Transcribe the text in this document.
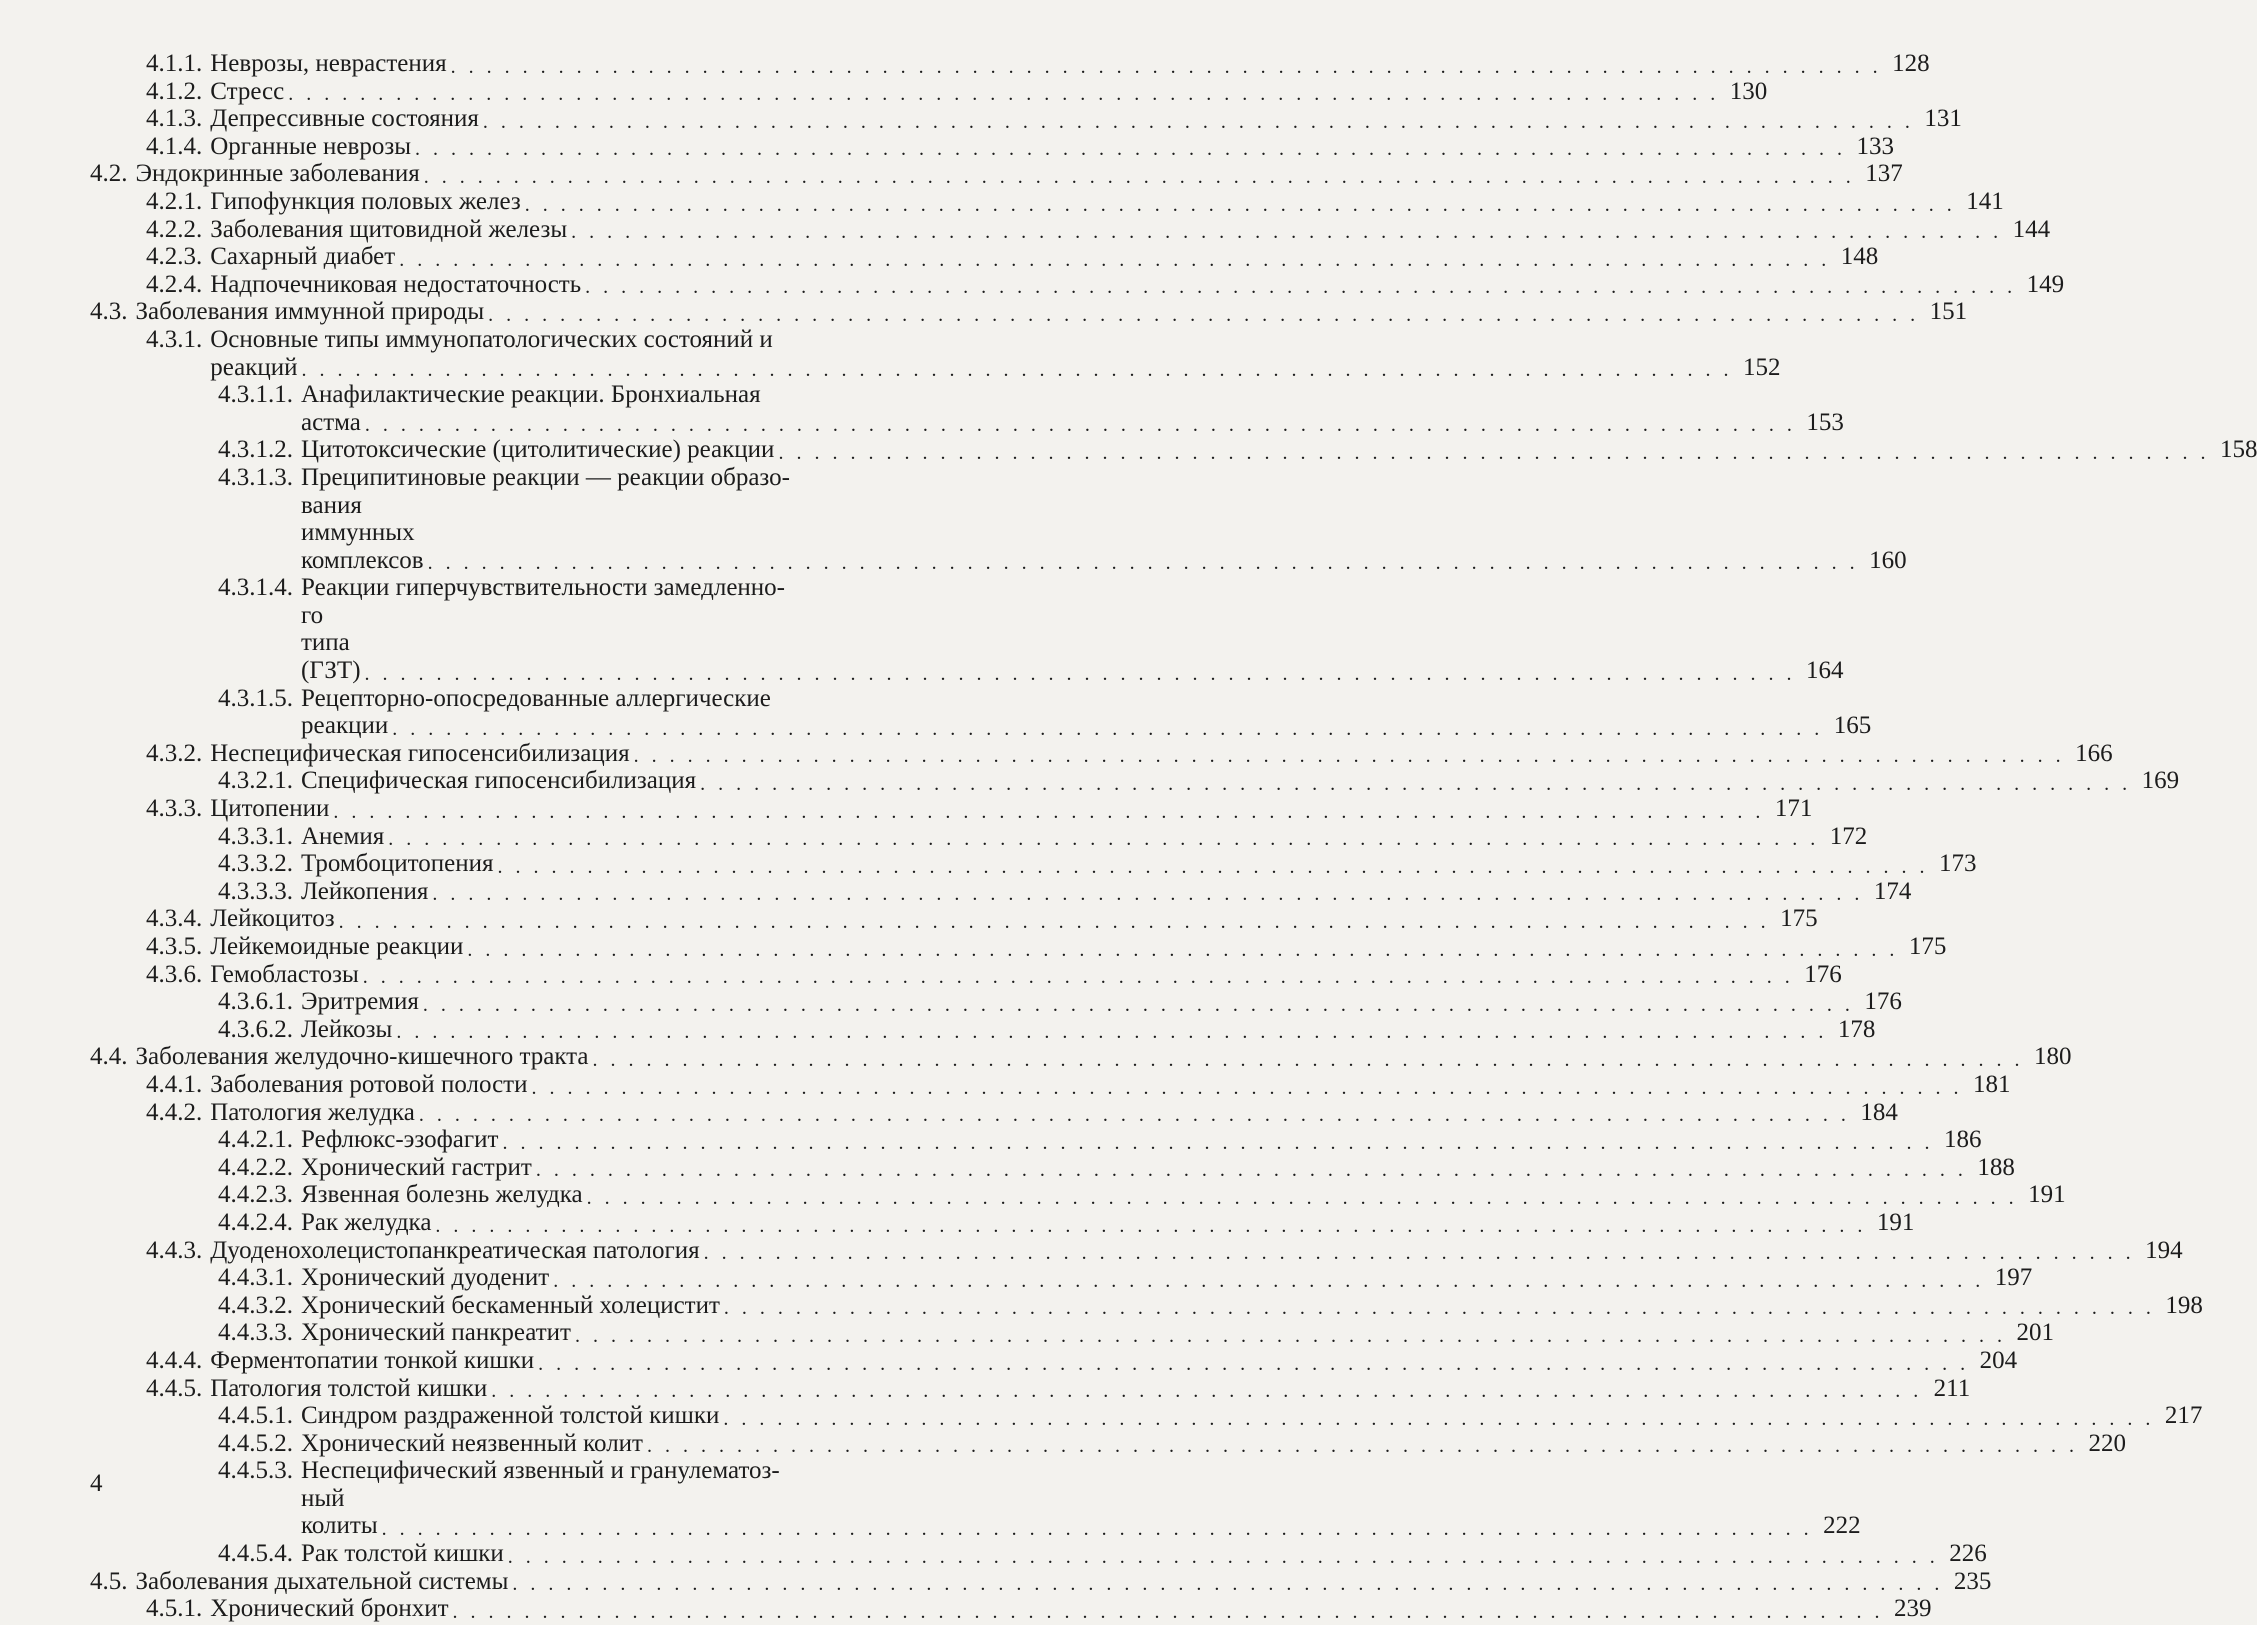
4.1.1. Неврозы, неврастения . . . . . . . . . . . . . . . . . . . . . . . . . . . . . . . . . . . . . . . . . . . . . . . . . . . . . . . . . . . . . . . . . . . . . . . . . . . . . . . . 128
4.1.2. Стресс . . . . . . . . . . . . . . . . . . . . . . . . . . . . . . . . . . . . . . . . . . . . . . . . . . . . . . . . . . . . . . . . . . . . . . . . . . . . . . . . 130
4.1.3. Депрессивные состояния . . . . . . . . . . . . . . . . . . . . . . . . . . . . . . . . . . . . . . . . . . . . . . . . . . . . . . . . . . . . . . . . . . . . . . . . . . . . . . . . 131
4.1.4. Органные неврозы . . . . . . . . . . . . . . . . . . . . . . . . . . . . . . . . . . . . . . . . . . . . . . . . . . . . . . . . . . . . . . . . . . . . . . . . . . . . . . . . 133
4.2. Эндокринные заболевания . . . . . . . . . . . . . . . . . . . . . . . . . . . . . . . . . . . . . . . . . . . . . . . . . . . . . . . . . . . . . . . . . . . . . . . . . . . . . . . . 137
4.2.1. Гипофункция половых желез . . . . . . . . . . . . . . . . . . . . . . . . . . . . . . . . . . . . . . . . . . . . . . . . . . . . . . . . . . . . . . . . . . . . . . . . . . . . . . . . 141
4.2.2. Заболевания щитовидной железы . . . . . . . . . . . . . . . . . . . . . . . . . . . . . . . . . . . . . . . . . . . . . . . . . . . . . . . . . . . . . . . . . . . . . . . . . . . . . . . . 144
4.2.3. Сахарный диабет . . . . . . . . . . . . . . . . . . . . . . . . . . . . . . . . . . . . . . . . . . . . . . . . . . . . . . . . . . . . . . . . . . . . . . . . . . . . . . . . 148
4.2.4. Надпочечниковая недостаточность . . . . . . . . . . . . . . . . . . . . . . . . . . . . . . . . . . . . . . . . . . . . . . . . . . . . . . . . . . . . . . . . . . . . . . . . . . . . . . . . 149
4.3. Заболевания иммунной природы . . . . . . . . . . . . . . . . . . . . . . . . . . . . . . . . . . . . . . . . . . . . . . . . . . . . . . . . . . . . . . . . . . . . . . . . . . . . . . . . 151
4.3.1. Основные типы иммунопатологических состояний и
реакций . . . . . . . . . . . . . . . . . . . . . . . . . . . . . . . . . . . . . . . . . . . . . . . . . . . . . . . . . . . . . . . . . . . . . . . . . . . . . . . . 152
4.3.1.1. Анафилактические реакции. Бронхиальная
астма . . . . . . . . . . . . . . . . . . . . . . . . . . . . . . . . . . . . . . . . . . . . . . . . . . . . . . . . . . . . . . . . . . . . . . . . . . . . . . . . 153
4.3.1.2. Цитотоксические (цитолитические) реакции . . . . . . . . . . . . . . . . . . . . . . . . . . . . . . . . . . . . . . . . . . . . . . . . . . . . . . . . . . . . . . . . . . . . . . . . . . . . . . . . 158
4.3.1.3. Преципитиновые реакции — реакции образо-
вания иммунных комплексов . . . . . . . . . . . . . . . . . . . . . . . . . . . . . . . . . . . . . . . . . . . . . . . . . . . . . . . . . . . . . . . . . . . . . . . . . . . . . . . . 160
4.3.1.4. Реакции гиперчувствительности замедленно-
го типа (ГЗТ) . . . . . . . . . . . . . . . . . . . . . . . . . . . . . . . . . . . . . . . . . . . . . . . . . . . . . . . . . . . . . . . . . . . . . . . . . . . . . . . . 164
4.3.1.5. Рецепторно-опосредованные аллергические
реакции . . . . . . . . . . . . . . . . . . . . . . . . . . . . . . . . . . . . . . . . . . . . . . . . . . . . . . . . . . . . . . . . . . . . . . . . . . . . . . . . 165
4.3.2. Неспецифическая гипосенсибилизация . . . . . . . . . . . . . . . . . . . . . . . . . . . . . . . . . . . . . . . . . . . . . . . . . . . . . . . . . . . . . . . . . . . . . . . . . . . . . . . . 166
4.3.2.1. Специфическая гипосенсибилизация . . . . . . . . . . . . . . . . . . . . . . . . . . . . . . . . . . . . . . . . . . . . . . . . . . . . . . . . . . . . . . . . . . . . . . . . . . . . . . . . 169
4.3.3. Цитопении . . . . . . . . . . . . . . . . . . . . . . . . . . . . . . . . . . . . . . . . . . . . . . . . . . . . . . . . . . . . . . . . . . . . . . . . . . . . . . . . 171
4.3.3.1. Анемия . . . . . . . . . . . . . . . . . . . . . . . . . . . . . . . . . . . . . . . . . . . . . . . . . . . . . . . . . . . . . . . . . . . . . . . . . . . . . . . . 172
4.3.3.2. Тромбоцитопения . . . . . . . . . . . . . . . . . . . . . . . . . . . . . . . . . . . . . . . . . . . . . . . . . . . . . . . . . . . . . . . . . . . . . . . . . . . . . . . . 173
4.3.3.3. Лейкопения . . . . . . . . . . . . . . . . . . . . . . . . . . . . . . . . . . . . . . . . . . . . . . . . . . . . . . . . . . . . . . . . . . . . . . . . . . . . . . . . 174
4.3.4. Лейкоцитоз . . . . . . . . . . . . . . . . . . . . . . . . . . . . . . . . . . . . . . . . . . . . . . . . . . . . . . . . . . . . . . . . . . . . . . . . . . . . . . . . 175
4.3.5. Лейкемоидные реакции . . . . . . . . . . . . . . . . . . . . . . . . . . . . . . . . . . . . . . . . . . . . . . . . . . . . . . . . . . . . . . . . . . . . . . . . . . . . . . . . 175
4.3.6. Гемобластозы . . . . . . . . . . . . . . . . . . . . . . . . . . . . . . . . . . . . . . . . . . . . . . . . . . . . . . . . . . . . . . . . . . . . . . . . . . . . . . . . 176
4.3.6.1. Эритремия . . . . . . . . . . . . . . . . . . . . . . . . . . . . . . . . . . . . . . . . . . . . . . . . . . . . . . . . . . . . . . . . . . . . . . . . . . . . . . . . 176
4.3.6.2. Лейкозы . . . . . . . . . . . . . . . . . . . . . . . . . . . . . . . . . . . . . . . . . . . . . . . . . . . . . . . . . . . . . . . . . . . . . . . . . . . . . . . . 178
4.4. Заболевания желудочно-кишечного тракта . . . . . . . . . . . . . . . . . . . . . . . . . . . . . . . . . . . . . . . . . . . . . . . . . . . . . . . . . . . . . . . . . . . . . . . . . . . . . . . . 180
4.4.1. Заболевания ротовой полости . . . . . . . . . . . . . . . . . . . . . . . . . . . . . . . . . . . . . . . . . . . . . . . . . . . . . . . . . . . . . . . . . . . . . . . . . . . . . . . . 181
4.4.2. Патология желудка . . . . . . . . . . . . . . . . . . . . . . . . . . . . . . . . . . . . . . . . . . . . . . . . . . . . . . . . . . . . . . . . . . . . . . . . . . . . . . . . 184
4.4.2.1. Рефлюкс-эзофагит . . . . . . . . . . . . . . . . . . . . . . . . . . . . . . . . . . . . . . . . . . . . . . . . . . . . . . . . . . . . . . . . . . . . . . . . . . . . . . . . 186
4.4.2.2. Хронический гастрит . . . . . . . . . . . . . . . . . . . . . . . . . . . . . . . . . . . . . . . . . . . . . . . . . . . . . . . . . . . . . . . . . . . . . . . . . . . . . . . . 188
4.4.2.3. Язвенная болезнь желудка . . . . . . . . . . . . . . . . . . . . . . . . . . . . . . . . . . . . . . . . . . . . . . . . . . . . . . . . . . . . . . . . . . . . . . . . . . . . . . . . 191
4.4.2.4. Рак желудка . . . . . . . . . . . . . . . . . . . . . . . . . . . . . . . . . . . . . . . . . . . . . . . . . . . . . . . . . . . . . . . . . . . . . . . . . . . . . . . . 191
4.4.3. Дуоденохолецистопанкреатическая патология . . . . . . . . . . . . . . . . . . . . . . . . . . . . . . . . . . . . . . . . . . . . . . . . . . . . . . . . . . . . . . . . . . . . . . . . . . . . . . . . 194
4.4.3.1. Хронический дуоденит . . . . . . . . . . . . . . . . . . . . . . . . . . . . . . . . . . . . . . . . . . . . . . . . . . . . . . . . . . . . . . . . . . . . . . . . . . . . . . . . 197
4.4.3.2. Хронический бескаменный холецистит . . . . . . . . . . . . . . . . . . . . . . . . . . . . . . . . . . . . . . . . . . . . . . . . . . . . . . . . . . . . . . . . . . . . . . . . . . . . . . . . 198
4.4.3.3. Хронический панкреатит . . . . . . . . . . . . . . . . . . . . . . . . . . . . . . . . . . . . . . . . . . . . . . . . . . . . . . . . . . . . . . . . . . . . . . . . . . . . . . . . 201
4.4.4. Ферментопатии тонкой кишки . . . . . . . . . . . . . . . . . . . . . . . . . . . . . . . . . . . . . . . . . . . . . . . . . . . . . . . . . . . . . . . . . . . . . . . . . . . . . . . . 204
4.4.5. Патология толстой кишки . . . . . . . . . . . . . . . . . . . . . . . . . . . . . . . . . . . . . . . . . . . . . . . . . . . . . . . . . . . . . . . . . . . . . . . . . . . . . . . . 211
4.4.5.1. Синдром раздраженной толстой кишки . . . . . . . . . . . . . . . . . . . . . . . . . . . . . . . . . . . . . . . . . . . . . . . . . . . . . . . . . . . . . . . . . . . . . . . . . . . . . . . . 217
4.4.5.2. Хронический неязвенный колит . . . . . . . . . . . . . . . . . . . . . . . . . . . . . . . . . . . . . . . . . . . . . . . . . . . . . . . . . . . . . . . . . . . . . . . . . . . . . . . . 220
4.4.5.3. Неспецифический язвенный и гранулематоз-
ный колиты . . . . . . . . . . . . . . . . . . . . . . . . . . . . . . . . . . . . . . . . . . . . . . . . . . . . . . . . . . . . . . . . . . . . . . . . . . . . . . . . 222
4.4.5.4. Рак толстой кишки . . . . . . . . . . . . . . . . . . . . . . . . . . . . . . . . . . . . . . . . . . . . . . . . . . . . . . . . . . . . . . . . . . . . . . . . . . . . . . . . 226
4.5. Заболевания дыхательной системы . . . . . . . . . . . . . . . . . . . . . . . . . . . . . . . . . . . . . . . . . . . . . . . . . . . . . . . . . . . . . . . . . . . . . . . . . . . . . . . . 235
4.5.1. Хронический бронхит . . . . . . . . . . . . . . . . . . . . . . . . . . . . . . . . . . . . . . . . . . . . . . . . . . . . . . . . . . . . . . . . . . . . . . . . . . . . . . . . 239
4
